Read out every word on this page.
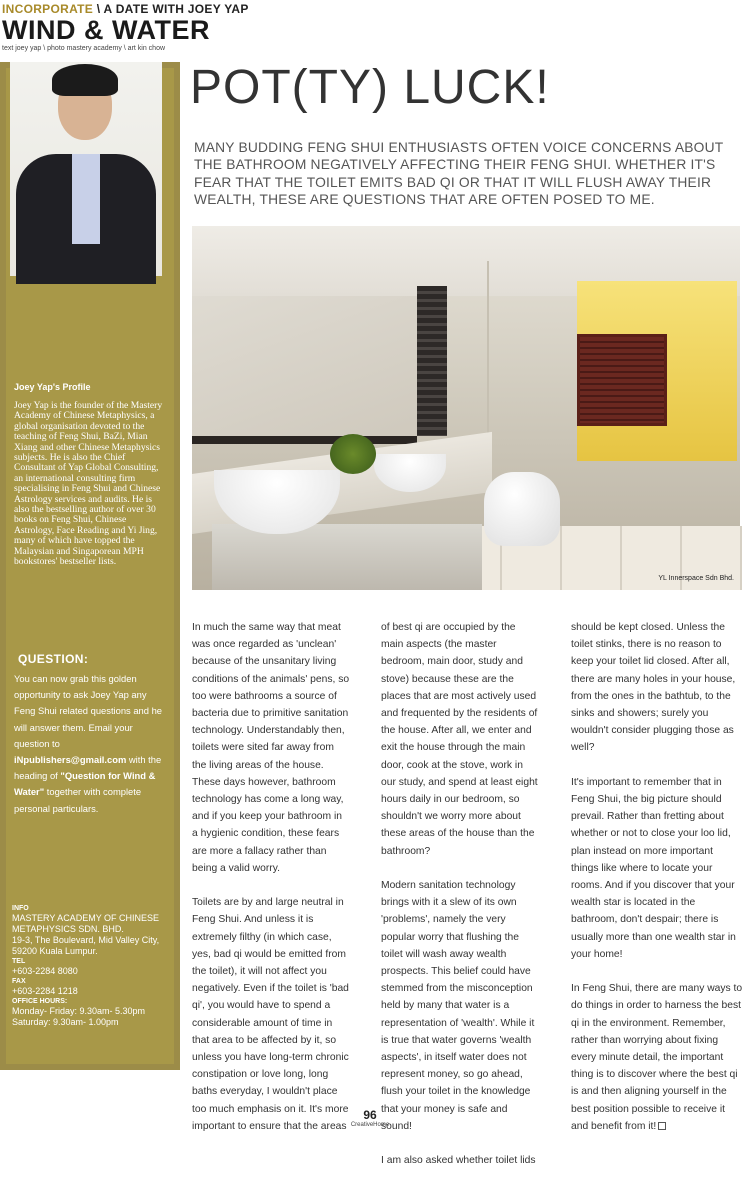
INCORPORATE \ A DATE WITH JOEY YAP
WIND & WATER
text joey yap \ photo mastery academy \ art kin chow
Joey Yap's Profile
Joey Yap is the founder of the Mastery Academy of Chinese Metaphysics, a global organisation devoted to the teaching of Feng Shui, BaZi, Mian Xiang and other Chinese Metaphysics subjects. He is also the Chief Consultant of Yap Global Consulting, an international consulting firm specialising in Feng Shui and Chinese Astrology services and audits. He is also the bestselling author of over 30 books on Feng Shui, Chinese Astrology, Face Reading and Yi Jing, many of which have topped the Malaysian and Singaporean MPH bookstores' bestseller lists.
QUESTION:
You can now grab this golden opportunity to ask Joey Yap any Feng Shui related questions and he will answer them. Email your question to iNpublishers@gmail.com with the heading of "Question for Wind & Water" together with complete personal particulars.
INFO
MASTERY ACADEMY OF CHINESE METAPHYSICS SDN. BHD.
19-3, The Boulevard, Mid Valley City, 59200 Kuala Lumpur.
TEL
+603-2284 8080
FAX
+603-2284 1218
OFFICE HOURS:
Monday- Friday: 9.30am- 5.30pm
Saturday: 9.30am- 1.00pm
POT(TY) LUCK!
MANY BUDDING FENG SHUI ENTHUSIASTS OFTEN VOICE CONCERNS ABOUT THE BATHROOM NEGATIVELY AFFECTING THEIR FENG SHUI. WHETHER IT'S FEAR THAT THE TOILET EMITS BAD QI OR THAT IT WILL FLUSH AWAY THEIR WEALTH, THESE ARE QUESTIONS THAT ARE OFTEN POSED TO ME.
YL Innerspace Sdn Bhd.

In much the same way that meat was once regarded as 'unclean' because of the unsanitary living conditions of the animals' pens, so too were bathrooms a source of bacteria due to primitive sanitation technology. Understandably then, toilets were sited far away from the living areas of the house. These days however, bathroom technology has come a long way, and if you keep your bathroom in a hygienic condition, these fears are more a fallacy rather than being a valid worry.

Toilets are by and large neutral in Feng Shui. And unless it is extremely filthy (in which case, yes, bad qi would be emitted from the toilet), it will not affect you negatively. Even if the toilet is 'bad qi', you would have to spend a considerable amount of time in that area to be affected by it, so unless you have long-term chronic constipation or love long, long baths everyday, I wouldn't place too much emphasis on it. It's more important to ensure that the areas

of best qi are occupied by the main aspects (the master bedroom, main door, study and stove) because these are the places that are most actively used and frequented by the residents of the house. After all, we enter and exit the house through the main door, cook at the stove, work in our study, and spend at least eight hours daily in our bedroom, so shouldn't we worry more about these areas of the house than the bathroom?

Modern sanitation technology brings with it a slew of its own 'problems', namely the very popular worry that flushing the toilet will wash away wealth prospects. This belief could have stemmed from the misconception held by many that water is a representation of 'wealth'. While it is true that water governs 'wealth aspects', in itself water does not represent money, so go ahead, flush your toilet in the knowledge that your money is safe and sound!

I am also asked whether toilet lids

should be kept closed. Unless the toilet stinks, there is no reason to keep your toilet lid closed. After all, there are many holes in your house, from the ones in the bathtub, to the sinks and showers; surely you wouldn't consider plugging those as well?

It's important to remember that in Feng Shui, the big picture should prevail. Rather than fretting about whether or not to close your loo lid, plan instead on more important things like where to locate your rooms. And if you discover that your wealth star is located in the bathroom, don't despair; there is usually more than one wealth star in your home!

In Feng Shui, there are many ways to do things in order to harness the best qi in the environment. Remember, rather than worrying about fixing every minute detail, the important thing is to discover where the best qi is and then aligning yourself in the best position possible to receive it and benefit from it!

96
CreativeHome
